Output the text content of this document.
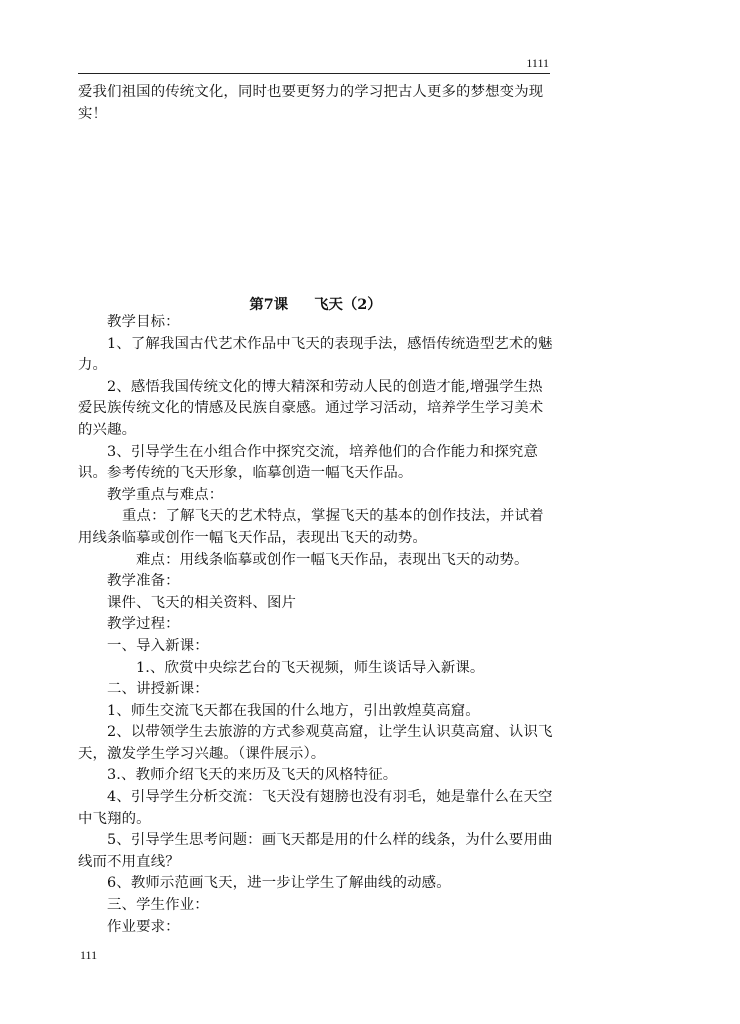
1111
爱我们祖国的传统文化，同时也要更努力的学习把古人更多的梦想变为现实！
第7课 飞天（2）

教学目标：

1、了解我国古代艺术作品中飞天的表现手法，感悟传统造型艺术的魅力。

2、感悟我国传统文化的博大精深和劳动人民的创造才能,增强学生热爱民族传统文化的情感及民族自豪感。通过学习活动，培养学生学习美术的兴趣。

3、引导学生在小组合作中探究交流，培养他们的合作能力和探究意识。参考传统的飞天形象，临摹创造一幅飞天作品。

教学重点与难点：

重点：了解飞天的艺术特点，掌握飞天的基本的创作技法，并试着用线条临摹或创作一幅飞天作品，表现出飞天的动势。

难点：用线条临摹或创作一幅飞天作品，表现出飞天的动势。

教学准备：

课件、飞天的相关资料、图片

教学过程：

一、导入新课：

1.、欣赏中央综艺台的飞天视频，师生谈话导入新课。

二、讲授新课：

1、师生交流飞天都在我国的什么地方，引出敦煌莫高窟。

2、以带领学生去旅游的方式参观莫高窟，让学生认识莫高窟、认识飞天，激发学生学习兴趣。（课件展示）。

3.、教师介绍飞天的来历及飞天的风格特征。

4、引导学生分析交流：飞天没有翅膀也没有羽毛，她是靠什么在天空中飞翔的。

5、引导学生思考问题：画飞天都是用的什么样的线条，为什么要用曲线而不用直线？

6、教师示范画飞天，进一步让学生了解曲线的动感。

三、学生作业：

作业要求：

111
